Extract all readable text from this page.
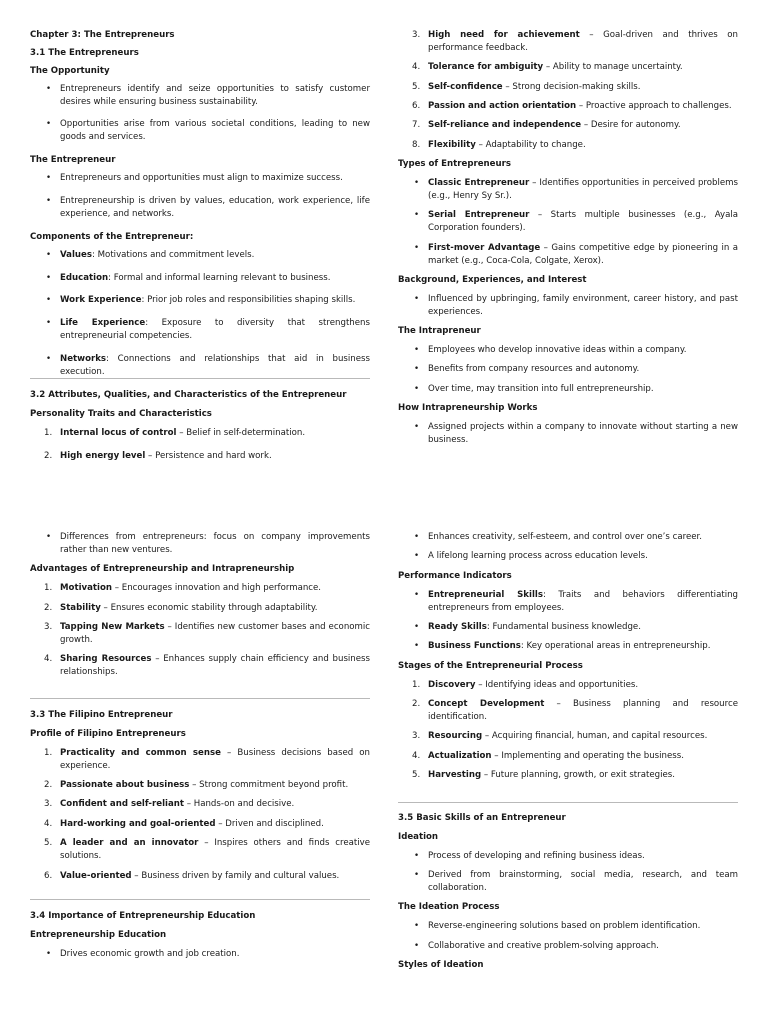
Chapter 3: The Entrepreneurs
3.1 The Entrepreneurs
The Opportunity
•	Entrepreneurs identify and seize opportunities to satisfy customer desires while ensuring business sustainability.
•	Opportunities arise from various societal conditions, leading to new goods and services.
The Entrepreneur
•	Entrepreneurs and opportunities must align to maximize success.
•	Entrepreneurship is driven by values, education, work experience, life experience, and networks.
Components of the Entrepreneur:
•	Values: Motivations and commitment levels.
•	Education: Formal and informal learning relevant to business.
•	Work Experience: Prior job roles and responsibilities shaping skills.
•	Life Experience: Exposure to diversity that strengthens entrepreneurial competencies.
•	Networks: Connections and relationships that aid in business execution.
3.2 Attributes, Qualities, and Characteristics of the Entrepreneur
Personality Traits and Characteristics
1. Internal locus of control – Belief in self-determination.
2. High energy level – Persistence and hard work.
3. High need for achievement – Goal-driven and thrives on performance feedback.
4. Tolerance for ambiguity – Ability to manage uncertainty.
5. Self-confidence – Strong decision-making skills.
6. Passion and action orientation – Proactive approach to challenges.
7. Self-reliance and independence – Desire for autonomy.
8. Flexibility – Adaptability to change.
Types of Entrepreneurs
•	Classic Entrepreneur – Identifies opportunities in perceived problems (e.g., Henry Sy Sr.).
•	Serial Entrepreneur – Starts multiple businesses (e.g., Ayala Corporation founders).
•	First-mover Advantage – Gains competitive edge by pioneering in a market (e.g., Coca-Cola, Colgate, Xerox).
Background, Experiences, and Interest
•	Influenced by upbringing, family environment, career history, and past experiences.
The Intrapreneur
•	Employees who develop innovative ideas within a company.
•	Benefits from company resources and autonomy.
•	Over time, may transition into full entrepreneurship.
How Intrapreneurship Works
•	Assigned projects within a company to innovate without starting a new business.
•	Differences from entrepreneurs: focus on company improvements rather than new ventures.
Advantages of Entrepreneurship and Intrapreneurship
1. Motivation – Encourages innovation and high performance.
2. Stability – Ensures economic stability through adaptability.
3. Tapping New Markets – Identifies new customer bases and economic growth.
4. Sharing Resources – Enhances supply chain efficiency and business relationships.
3.3 The Filipino Entrepreneur
Profile of Filipino Entrepreneurs
1. Practicality and common sense – Business decisions based on experience.
2. Passionate about business – Strong commitment beyond profit.
3. Confident and self-reliant – Hands-on and decisive.
4. Hard-working and goal-oriented – Driven and disciplined.
5. A leader and an innovator – Inspires others and finds creative solutions.
6. Value-oriented – Business driven by family and cultural values.
3.4 Importance of Entrepreneurship Education
Entrepreneurship Education
•	Drives economic growth and job creation.
•	Enhances creativity, self-esteem, and control over one’s career.
•	A lifelong learning process across education levels.
Performance Indicators
•	Entrepreneurial Skills: Traits and behaviors differentiating entrepreneurs from employees.
•	Ready Skills: Fundamental business knowledge.
•	Business Functions: Key operational areas in entrepreneurship.
Stages of the Entrepreneurial Process
1. Discovery – Identifying ideas and opportunities.
2. Concept Development – Business planning and resource identification.
3. Resourcing – Acquiring financial, human, and capital resources.
4. Actualization – Implementing and operating the business.
5. Harvesting – Future planning, growth, or exit strategies.
3.5 Basic Skills of an Entrepreneur
Ideation
•	Process of developing and refining business ideas.
•	Derived from brainstorming, social media, research, and team collaboration.
The Ideation Process
•	Reverse-engineering solutions based on problem identification.
•	Collaborative and creative problem-solving approach.
Styles of Ideation
